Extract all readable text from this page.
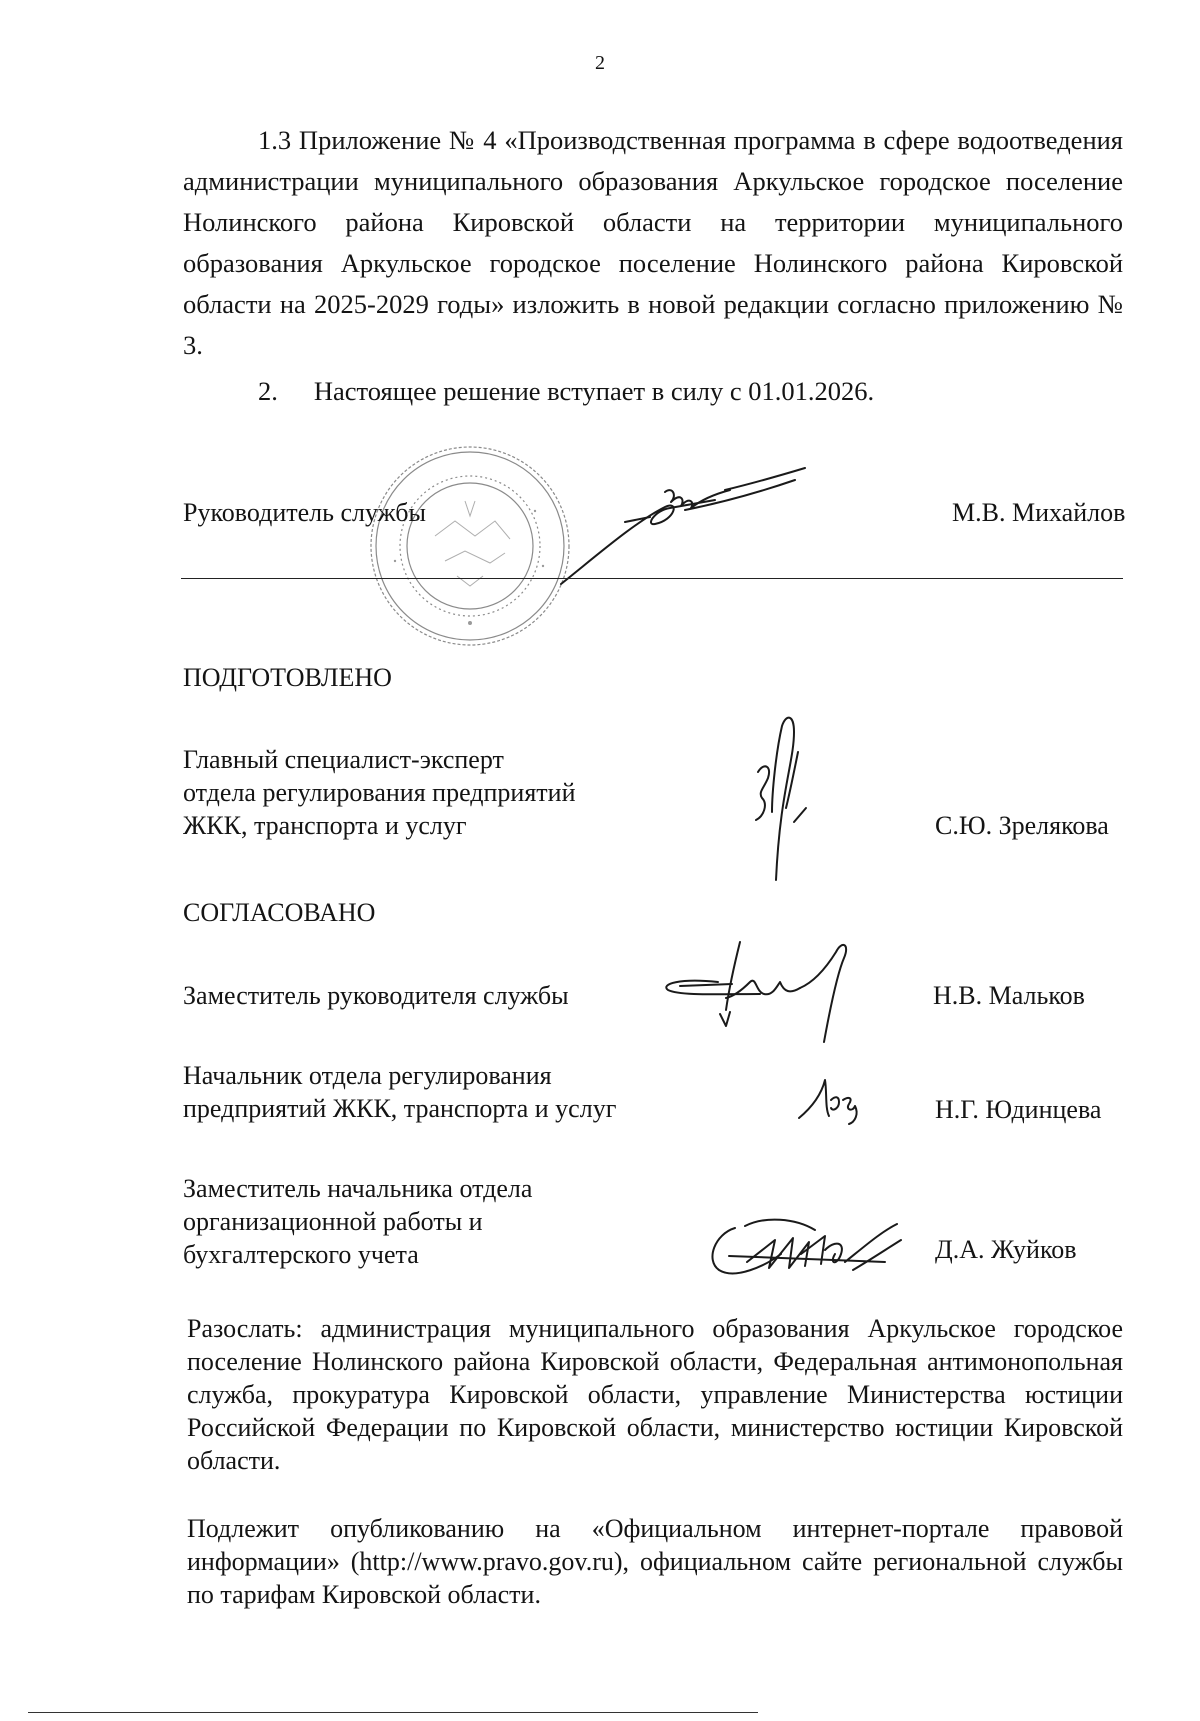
2
1.3 Приложение № 4 «Производственная программа в сфере водоотведения администрации муниципального образования Аркульское городское поселение Нолинского района Кировской области на территории муниципального образования Аркульское городское поселение Нолинского района Кировской области на 2025-2029 годы» изложить в новой редакции согласно приложению № 3.
2. Настоящее решение вступает в силу с 01.01.2026.
Руководитель службы	М.В. Михайлов
ПОДГОТОВЛЕНО
Главный специалист-эксперт
отдела регулирования предприятий
ЖКК, транспорта и услуг	С.Ю. Зрелякова
СОГЛАСОВАНО
Заместитель руководителя службы	Н.В. Мальков
Начальник отдела регулирования
предприятий ЖКК, транспорта и услуг	Н.Г. Юдинцева
Заместитель начальника отдела
организационной работы и
бухгалтерского учета	Д.А. Жуйков
Разослать: администрация муниципального образования Аркульское городское поселение Нолинского района Кировской области, Федеральная антимонопольная служба, прокуратура Кировской области, управление Министерства юстиции Российской Федерации по Кировской области, министерство юстиции Кировской области.
Подлежит опубликованию на «Официальном интернет-портале правовой информации» (http://www.pravo.gov.ru), официальном сайте региональной службы по тарифам Кировской области.
